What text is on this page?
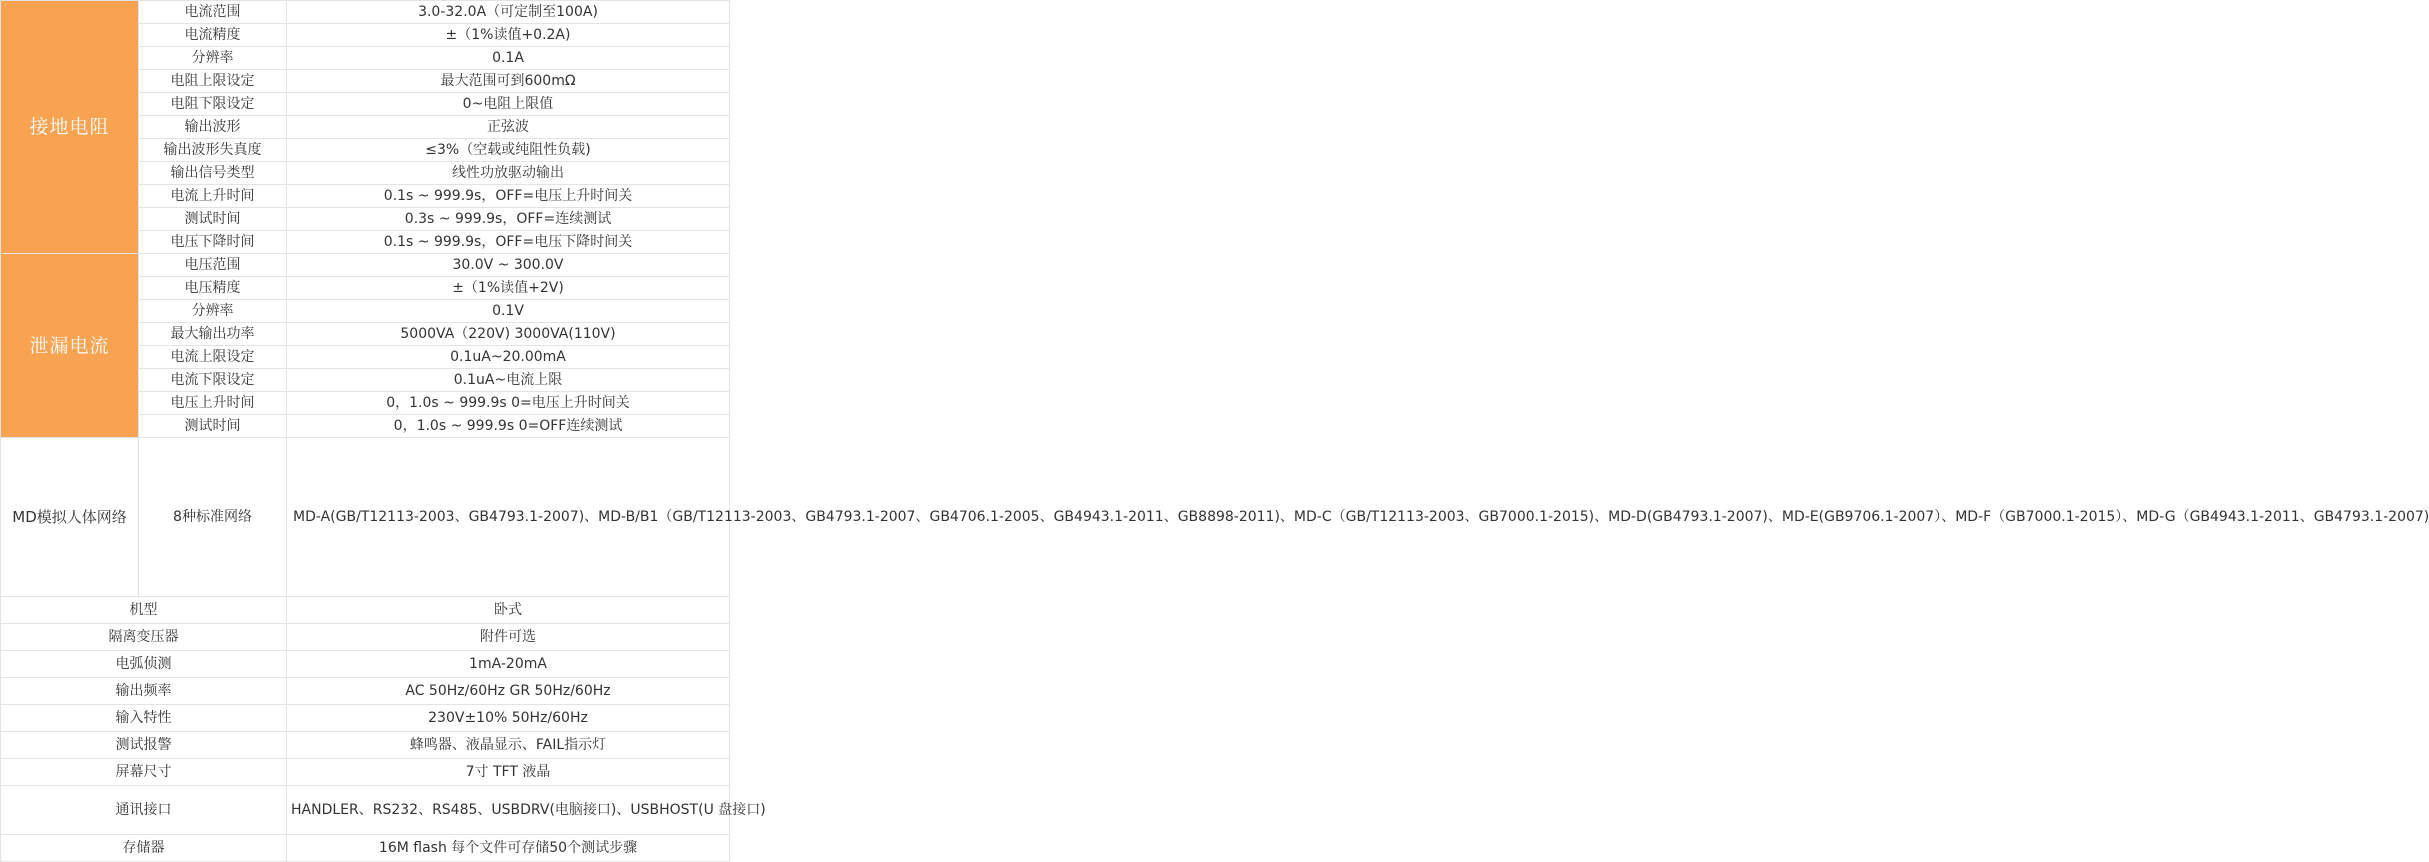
接地电阻	电流范围	3.0-32.0A（可定制至100A)
	电流精度	±（1%读值+0.2A)
	分辨率	0.1A
	电阻上限设定	最大范围可到600mΩ
	电阻下限设定	0~电阻上限值
	输出波形	正弦波
	输出波形失真度	≤3%（空载或纯阻性负载)
	输出信号类型	线性功放驱动输出
	电流上升时间	0.1s ~ 999.9s，OFF=电压上升时间关
	测试时间	0.3s ~ 999.9s，OFF=连续测试
	电压下降时间	0.1s ~ 999.9s，OFF=电压下降时间关
泄漏电流	电压范围	30.0V ~ 300.0V
	电压精度	±（1%读值+2V)
	分辨率	0.1V
	最大输出功率	5000VA（220V) 3000VA(110V)
	电流上限设定	0.1uA~20.00mA
	电流下限设定	0.1uA~电流上限
	电压上升时间	0，1.0s ~ 999.9s 0=电压上升时间关
	测试时间	0，1.0s ~ 999.9s 0=OFF连续测试
MD模拟人体网络	8种标准网络	MD-A(GB/T12113-2003、GB4793.1-2007)、MD-B/B1（GB/T12113-2003、GB4793.1-2007、GB4706.1-2005、GB4943.1-2011、GB8898-2011)、MD-C（GB/T12113-2003、GB7000.1-2015)、MD-D(GB4793.1-2007)、MD-E(GB9706.1-2007）、MD-F（GB7000.1-2015）、MD-G（GB4943.1-2011、GB4793.1-2007)
机型		卧式
隔离变压器		附件可选
电弧侦测		1mA-20mA
输出频率		AC 50Hz/60Hz GR 50Hz/60Hz
输入特性		230V±10% 50Hz/60Hz
测试报警		蜂鸣器、液晶显示、FAIL指示灯
屏幕尺寸		7寸 TFT 液晶
通讯接口		HANDLER、RS232、RS485、USBDRV(电脑接口)、USBHOST(U 盘接口)
存储器		16M flash 每个文件可存储50个测试步骤
